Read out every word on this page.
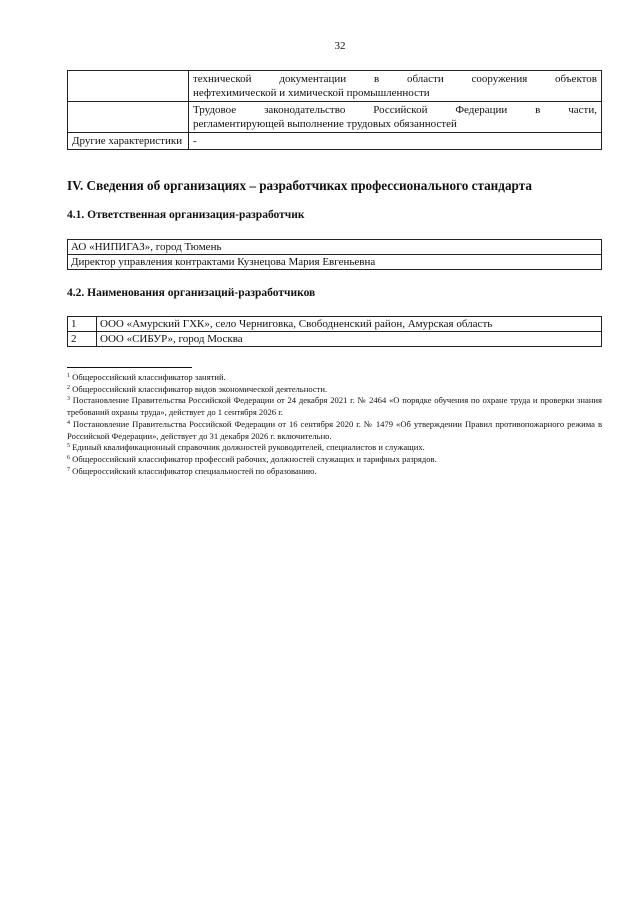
32

	технической документации в области сооружения объектов
нефтехимической и химической промышленности

	Трудовое законодательство Российской Федерации в части,
регламентирующей выполнение трудовых обязанностей

Другие характеристики	-
IV. Сведения об организациях – разработчиках профессионального стандарта
4.1. Ответственная организация-разработчик
АО «НИПИГАЗ», город Тюмень
Директор управления контрактами Кузнецова Мария Евгеньевна
4.2. Наименования организаций-разработчиков
1	ООО «Амурский ГХК», село Черниговка, Свободненский район, Амурская область
2	ООО «СИБУР», город Москва
$^1$ Общероссийский классификатор занятий.
$^2$ Общероссийский классификатор видов экономической деятельности.
$^3$ Постановление Правительства Российской Федерации от 24 декабря 2021 г. № 2464 «О порядке обучения по охране труда и проверки знания требований охраны труда», действует до 1 сентября 2026 г.
$^4$ Постановление Правительства Российской Федерации от 16 сентября 2020 г. № 1479 «Об утверждении Правил противопожарного режима в Российской Федерации», действует до 31 декабря 2026 г. включительно.
$^5$ Единый квалификационный справочник должностей руководителей, специалистов и служащих.
$^6$ Общероссийский классификатор профессий рабочих, должностей служащих и тарифных разрядов.
$^7$ Общероссийский классификатор специальностей по образованию.
